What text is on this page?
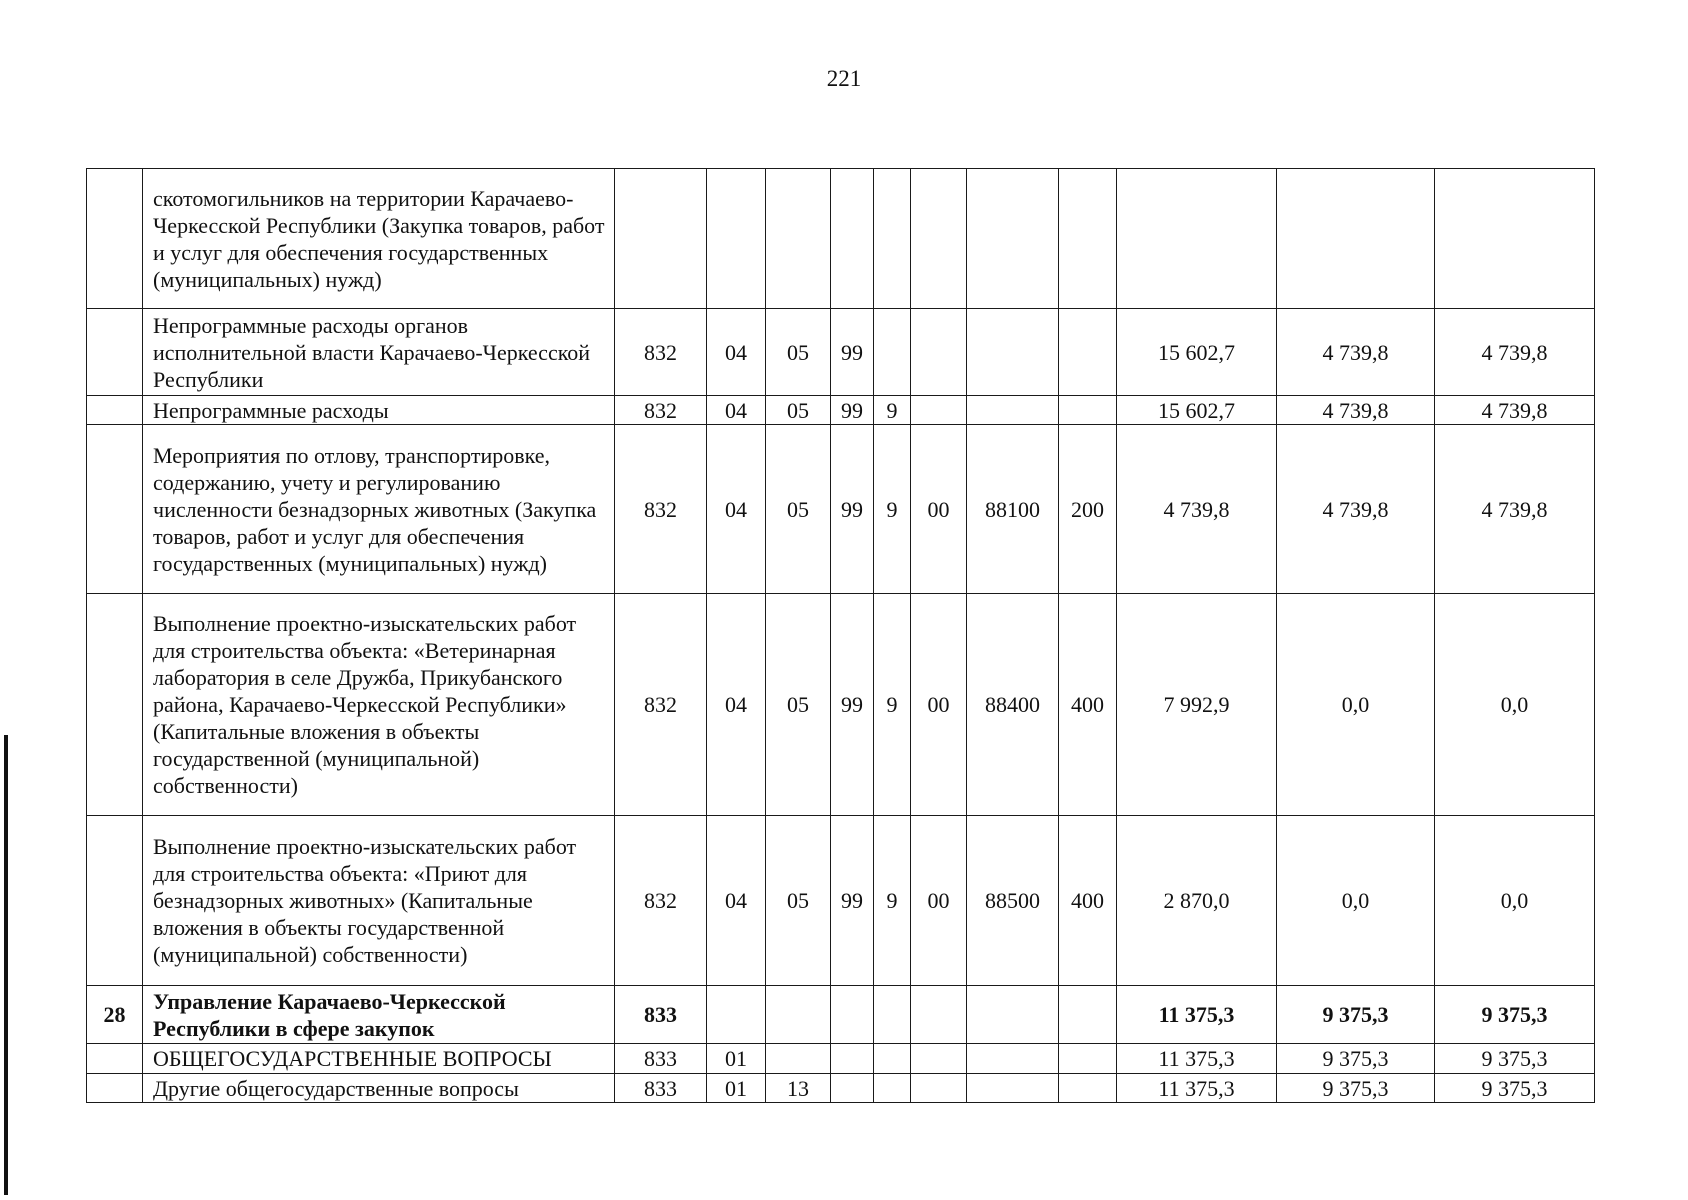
221
	скотомогильников на территории Карачаево-Черкесской Республики (Закупка товаров, работ и услуг для обеспечения государственных (муниципальных) нужд)											
	Непрограммные расходы органов исполнительной власти Карачаево-Черкесской Республики	832	04	05	99					15 602,7	4 739,8	4 739,8
	Непрограммные расходы	832	04	05	99	9				15 602,7	4 739,8	4 739,8
	Мероприятия по отлову, транспортировке, содержанию, учету и регулированию численности безнадзорных животных (Закупка товаров, работ и услуг для обеспечения государственных (муниципальных) нужд)	832	04	05	99	9	00	88100	200	4 739,8	4 739,8	4 739,8
	Выполнение проектно-изыскательских работ для строительства объекта: «Ветеринарная лаборатория в селе Дружба, Прикубанского района, Карачаево-Черкесской Республики» (Капитальные вложения в объекты государственной (муниципальной) собственности)	832	04	05	99	9	00	88400	400	7 992,9	0,0	0,0
	Выполнение проектно-изыскательских работ для строительства объекта: «Приют для безнадзорных животных» (Капитальные вложения в объекты государственной (муниципальной) собственности)	832	04	05	99	9	00	88500	400	2 870,0	0,0	0,0
28	Управление Карачаево-Черкесской Республики в сфере закупок	833								11 375,3	9 375,3	9 375,3
	ОБЩЕГОСУДАРСТВЕННЫЕ ВОПРОСЫ	833	01							11 375,3	9 375,3	9 375,3
	Другие общегосударственные вопросы	833	01	13						11 375,3	9 375,3	9 375,3
